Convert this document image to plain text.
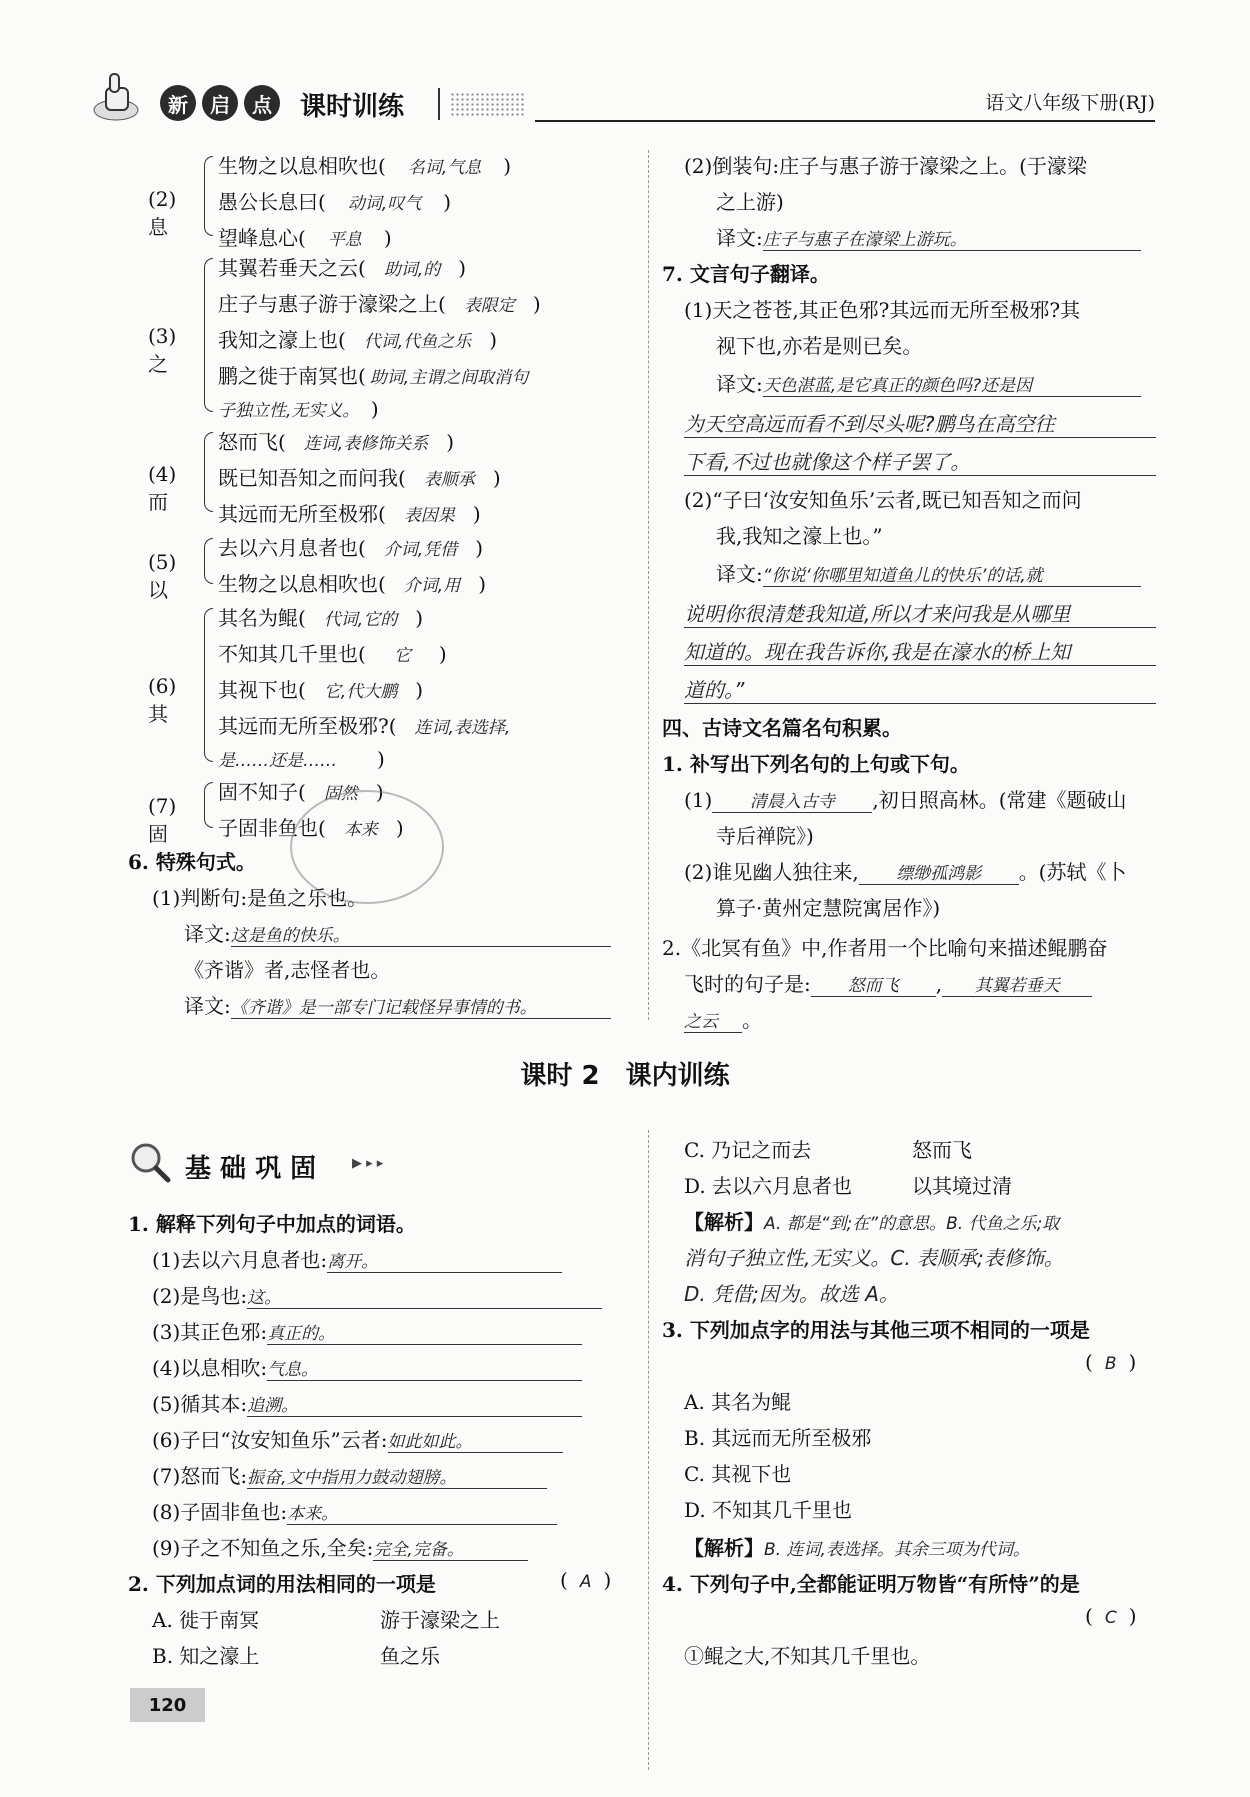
新	启	点	课时训练	语文八年级下册(RJ)
(2)息
生物之以息相吹也( 名词,气息 )
愚公长息曰( 动词,叹气 )
望峰息心( 平息 )
(3)之
其翼若垂天之云( 助词,的 )
庄子与惠子游于濠梁之上( 表限定 )
我知之濠上也( 代词,代鱼之乐 )
鹏之徙于南冥也( 助词,主谓之间取消句
子独立性,无实义。 )
(4)而
怒而飞( 连词,表修饰关系 )
既已知吾知之而问我( 表顺承 )
其远而无所至极邪( 表因果 )
(5)以
去以六月息者也( 介词,凭借 )
生物之以息相吹也( 介词,用 )
(6)其
其名为鲲( 代词,它的 )
不知其几千里也( 它 )
其视下也( 它,代大鹏 )
其远而无所至极邪?( 连词,表选择,
是……还是…… )
(7)固
固不知子( 固然 )
子固非鱼也( 本来 )
6. 特殊句式。
(1)判断句:是鱼之乐也。
译文:这是鱼的快乐。
《齐谐》者,志怪者也。
译文:《齐谐》是一部专门记载怪异事情的书。
(2)倒装句:庄子与惠子游于濠梁之上。(于濠梁
之上游)
译文:庄子与惠子在濠梁上游玩。
7. 文言句子翻译。
(1)天之苍苍,其正色邪?其远而无所至极邪?其
视下也,亦若是则已矣。
译文:天色湛蓝,是它真正的颜色吗?还是因
为天空高远而看不到尽头呢?鹏鸟在高空往
下看,不过也就像这个样子罢了。
(2)“子曰‘汝安知鱼乐’云者,既已知吾知之而问
我,我知之濠上也。”
译文:“你说‘你哪里知道鱼儿的快乐’的话,就
说明你很清楚我知道,所以才来问我是从哪里
知道的。现在我告诉你,我是在濠水的桥上知
道的。”
四、古诗文名篇名句积累。
1. 补写出下列名句的上句或下句。
(1) 清晨入古寺 ,初日照高林。(常建《题破山
寺后禅院》)
(2)谁见幽人独往来, 缥缈孤鸿影 。(苏轼《卜
算子·黄州定慧院寓居作》)
2.《北冥有鱼》中,作者用一个比喻句来描述鲲鹏奋
飞时的句子是: 怒而飞 , 其翼若垂天
之云 。
课时 2　课内训练
基 础 巩 固	▶ ▸ ▸
1. 解释下列句子中加点的词语。
(1)去以六月息者也:离开。
(2)是鸟也:这。
(3)其正色邪:真正的。
(4)以息相吹:气息。
(5)循其本:追溯。
(6)子曰“汝安知鱼乐”云者:如此如此。
(7)怒而飞:振奋,文中指用力鼓动翅膀。
(8)子固非鱼也:本来。
(9)子之不知鱼之乐,全矣:完全,完备。
2. 下列加点词的用法相同的一项是	( A )
A. 徙于南冥	游于濠梁之上
B. 知之濠上	鱼之乐
C. 乃记之而去	怒而飞
D. 去以六月息者也	以其境过清
【解析】A. 都是“到;在”的意思。B. 代鱼之乐;取
消句子独立性,无实义。C. 表顺承;表修饰。
D. 凭借;因为。故选 A。
3. 下列加点字的用法与其他三项不相同的一项是
( B )
A. 其名为鲲
B. 其远而无所至极邪
C. 其视下也
D. 不知其几千里也
【解析】B. 连词,表选择。其余三项为代词。
4. 下列句子中,全都能证明万物皆“有所恃”的是
( C )
①鲲之大,不知其几千里也。
120
